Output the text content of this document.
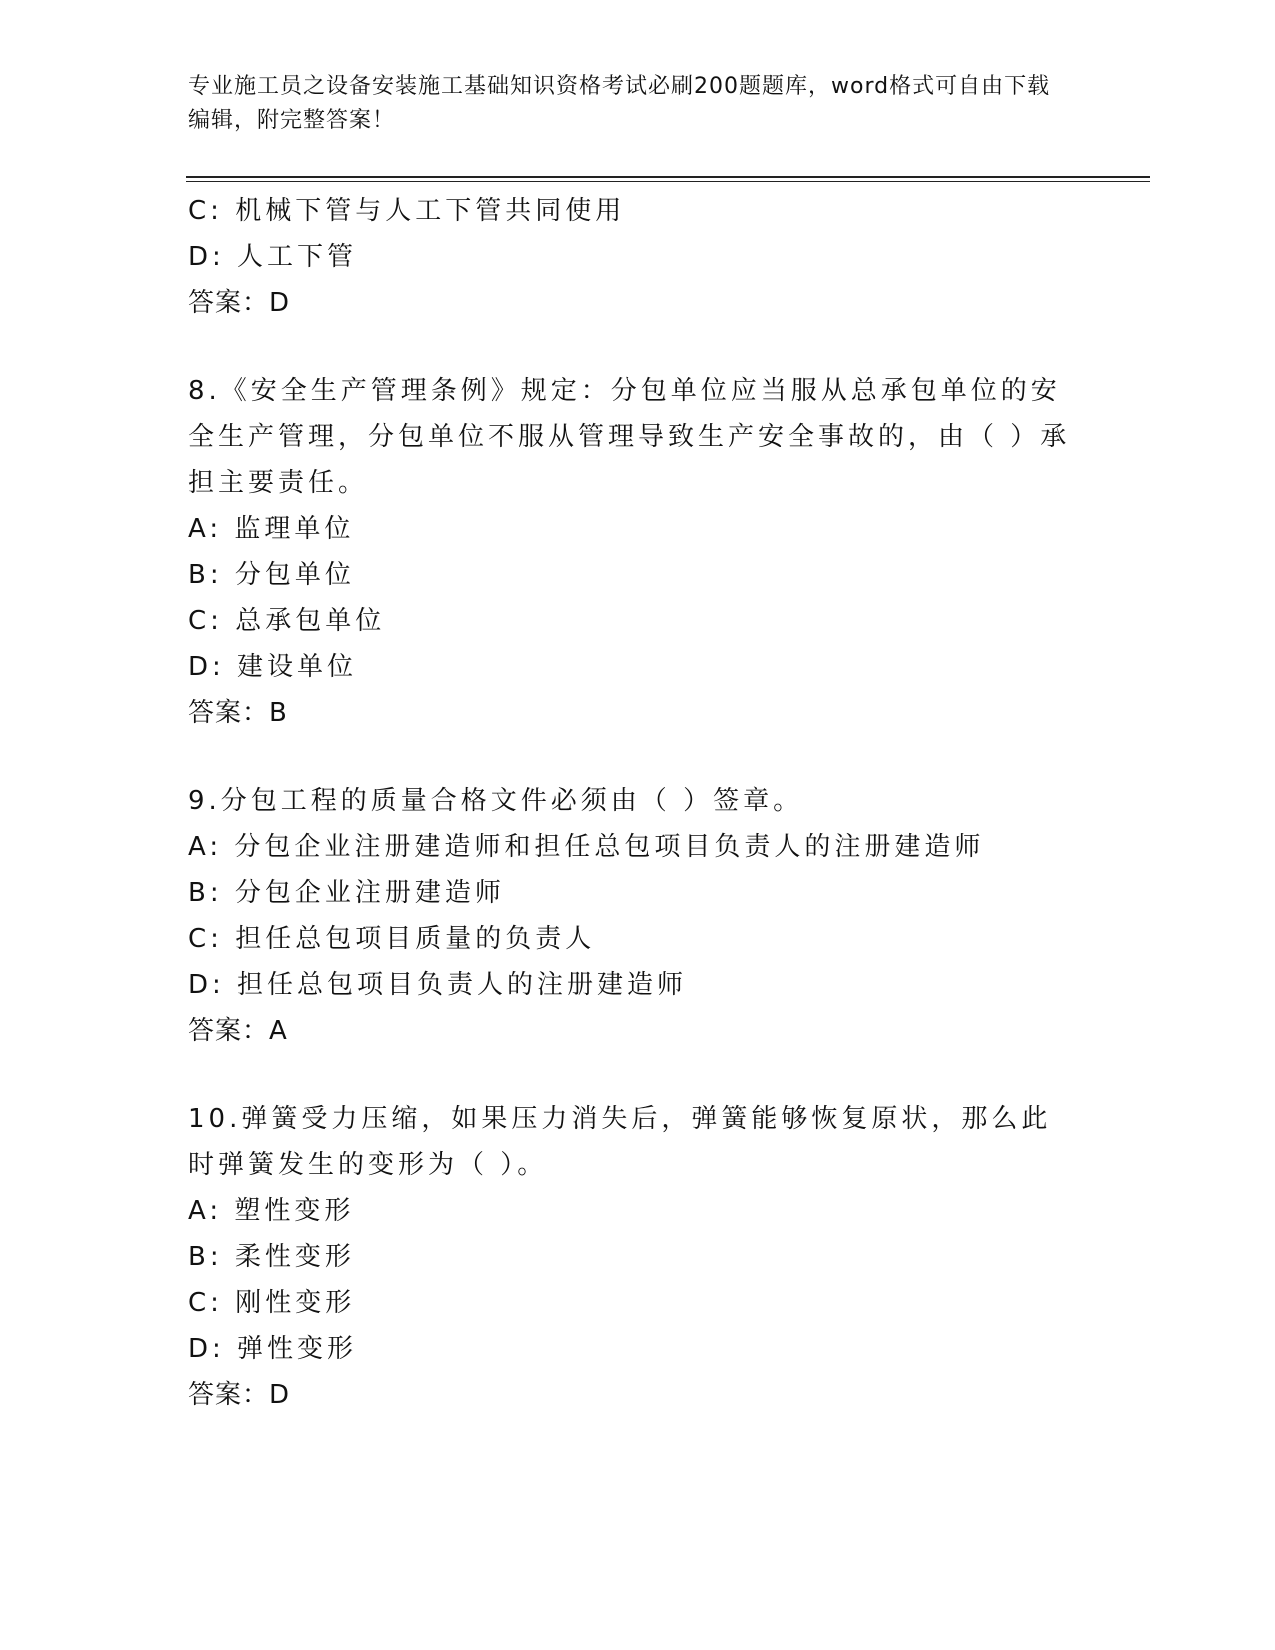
专业施工员之设备安装施工基础知识资格考试必刷200题题库，word格式可自由下载编辑，附完整答案！
C: 机械下管与人工下管共同使用
D: 人工下管
答案：D
8.《安全生产管理条例》规定：分包单位应当服从总承包单位的安全生产管理，分包单位不服从管理导致生产安全事故的，由（ ）承担主要责任。
A: 监理单位
B: 分包单位
C: 总承包单位
D: 建设单位
答案：B
9.分包工程的质量合格文件必须由（ ）签章。
A: 分包企业注册建造师和担任总包项目负责人的注册建造师
B: 分包企业注册建造师
C: 担任总包项目质量的负责人
D: 担任总包项目负责人的注册建造师
答案：A
10.弹簧受力压缩，如果压力消失后，弹簧能够恢复原状，那么此时弹簧发生的变形为（ ）。
A: 塑性变形
B: 柔性变形
C: 刚性变形
D: 弹性变形
答案：D
